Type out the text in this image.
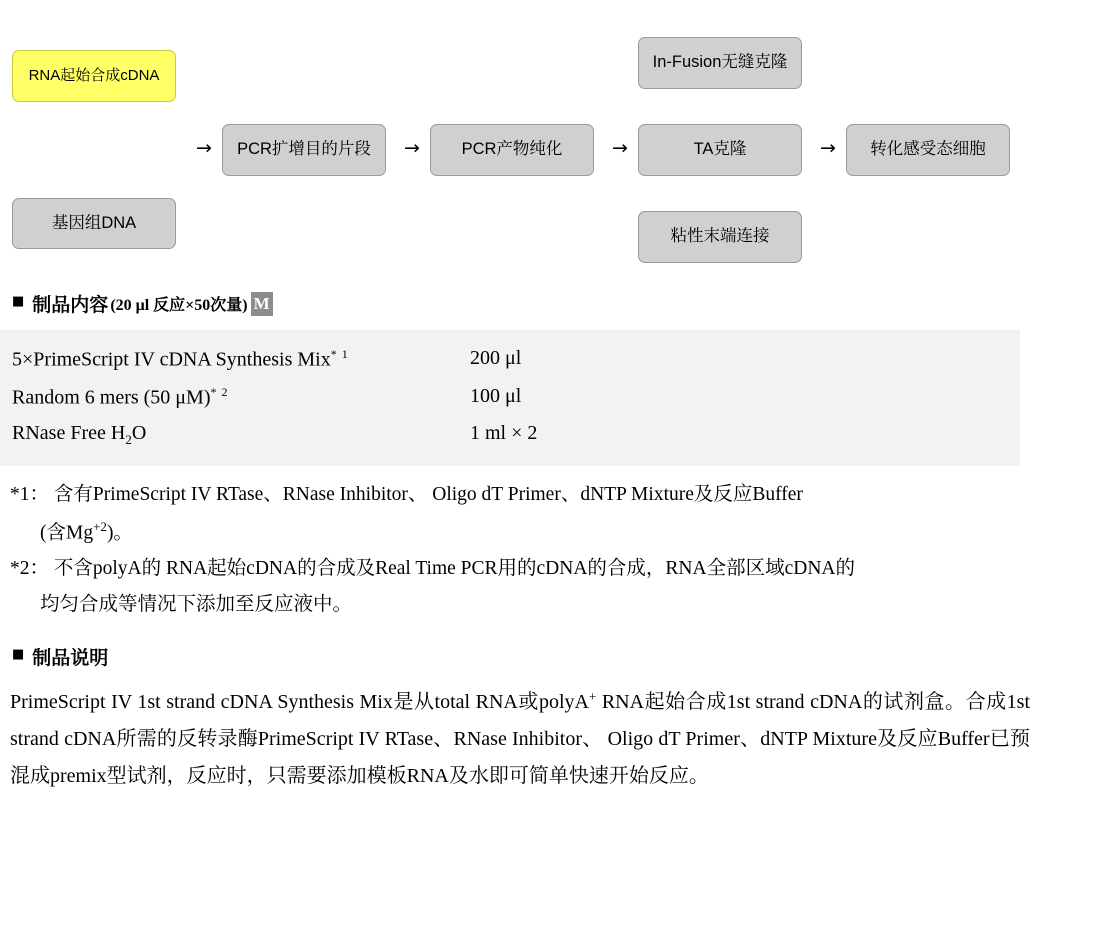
RNA起始合成cDNA
基因组DNA
→	PCR扩增目的片段	→	PCR产物纯化	→
In-Fusion无缝克隆
TA克隆
粘性末端连接
→	转化感受态细胞
■ 制品内容 (20 μl 反应×50次量) M
5×PrimeScript IV cDNA Synthesis Mix$^{* 1}$	200 μl
Random 6 mers (50 μM)$^{* 2}$	100 μl
RNase Free $H_2O$	1 ml × 2

*1： 含有PrimeScript IV RTase、RNase Inhibitor、 Oligo dT Primer、dNTP Mixture及反应Buffer

(含$Mg^{+2}$)。

*2： 不含polyA的 RNA起始cDNA的合成及Real Time PCR用的cDNA的合成，RNA全部区域cDNA的

均匀合成等情况下添加至反应液中。

■ 制品说明
PrimeScript IV 1st strand cDNA Synthesis Mix是从total RNA或polyA+ RNA起始合成1st strand cDNA的试剂盒。合成1st strand cDNA所需的反转录酶PrimeScript IV RTase、RNase Inhibitor、 Oligo dT Primer、dNTP Mixture及反应Buffer已预混成premix型试剂，反应时，只需要添加模板RNA及水即可简单快速开始反应。
